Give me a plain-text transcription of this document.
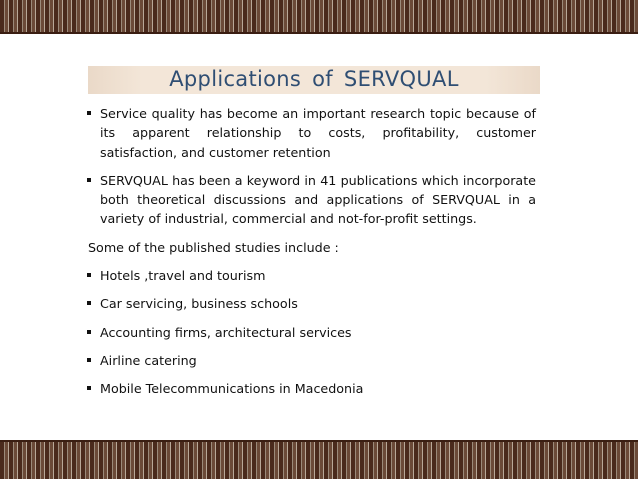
Applications of SERVQUAL
Service quality has become an important research topic because of its apparent relationship to costs, profitability, customer satisfaction, and customer retention
SERVQUAL has been a keyword in 41 publications which incorporate both theoretical discussions and applications of SERVQUAL in a variety of industrial, commercial and not-for-profit settings.
Some of the published studies include :
Hotels ,travel and tourism
Car servicing, business schools
Accounting firms, architectural services
Airline catering
Mobile Telecommunications in Macedonia
